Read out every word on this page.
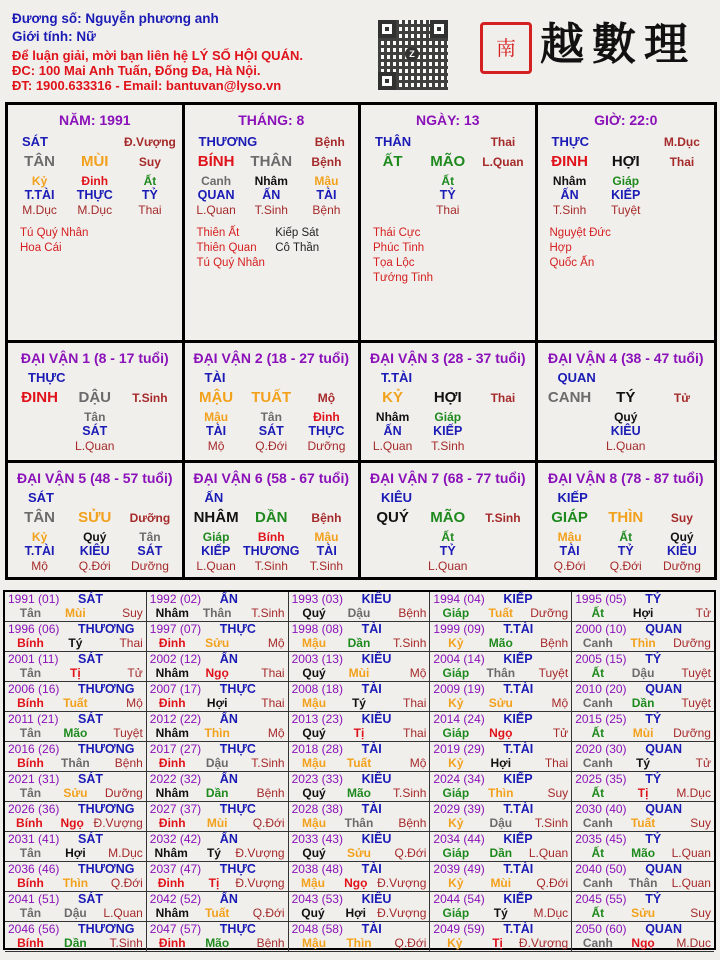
Đương số: Nguyễn phương anh
Giới tính: Nữ
Để luận giải, mời bạn liên hệ LÝ SỐ HỘI QUÁN.
ĐC: 100 Mai Anh Tuấn, Đống Đa, Hà Nội.
ĐT: 1900.633316 - Email: bantuvan@lyso.vn
Z	南 越數理
NĂM: 1991
SÁT	Đ.Vượng
TÂN	MÙI	Suy
Kỷ	Đinh	Ất
T.TÀI	THỰC	TỶ
M.Dục	M.Dục	Thai
Tú Quý Nhân
Hoa Cái
THÁNG: 8
THƯƠNG	Bệnh
BÍNH	THÂN	Bệnh
Canh	Nhâm	Mậu
QUAN	ẤN	TÀI
L.Quan	T.Sinh	Bệnh
Thiên Ất	Kiếp Sát
Thiên Quan	Cô Thần
Tú Quý Nhân
NGÀY: 13
THÂN	Thai
ẤT	MÃO	L.Quan
Ất
TỶ
Thai
Thái Cực
Phúc Tinh
Tọa Lộc
Tướng Tinh
GIỜ: 22:0
THỰC	M.Dục
ĐINH	HỢI	Thai
Nhâm	Giáp
ẤN	KIẾP
T.Sinh	Tuyệt
Nguyệt Đức Hợp
Quốc Ấn
ĐẠI VẬN 1 (8 - 17 tuổi)
THỰC
ĐINH	DẬU	T.Sinh
Tân
SÁT
L.Quan
ĐẠI VẬN 2 (18 - 27 tuổi)
TÀI
MẬU	TUẤT	Mộ
Mậu	Tân	Đinh
TÀI	SÁT	THỰC
Mộ	Q.Đới	Dưỡng
ĐẠI VẬN 3 (28 - 37 tuổi)
T.TÀI
KỶ	HỢI	Thai
Nhâm	Giáp
ẤN	KIẾP
L.Quan	T.Sinh
ĐẠI VẬN 4 (38 - 47 tuổi)
QUAN
CANH	TÝ	Tử
Quý
KIÊU
L.Quan
ĐẠI VẬN 5 (48 - 57 tuổi)
SÁT
TÂN	SỬU	Dưỡng
Kỷ	Quý	Tân
T.TÀI	KIÊU	SÁT
Mộ	Q.Đới	Dưỡng
ĐẠI VẬN 6 (58 - 67 tuổi)
ẤN
NHÂM	DẦN	Bệnh
Giáp	Bính	Mậu
KIẾP	THƯƠNG	TÀI
L.Quan	T.Sinh	T.Sinh
ĐẠI VẬN 7 (68 - 77 tuổi)
KIÊU
QUÝ	MÃO	T.Sinh
Ất
TỶ
L.Quan
ĐẠI VẬN 8 (78 - 87 tuổi)
KIẾP
GIÁP	THÌN	Suy
Mậu	Ất	Quý
TÀI	TỶ	KIÊU
Q.Đới	Q.Đới	Dưỡng
1991 (01)	SÁT
Tân	Mùi	Suy
1992 (02)	ẤN
Nhâm	Thân	T.Sinh
1993 (03)	KIÊU
Quý	Dậu	Bệnh
1994 (04)	KIẾP
Giáp	Tuất	Dưỡng
1995 (05)	TỶ
Ất	Hợi	Tử
1996 (06)	THƯƠNG
Bính	Tý	Thai
1997 (07)	THỰC
Đinh	Sửu	Mộ
1998 (08)	TÀI
Mậu	Dần	T.Sinh
1999 (09)	T.TÀI
Kỷ	Mão	Bệnh
2000 (10)	QUAN
Canh	Thìn	Dưỡng
2001 (11)	SÁT
Tân	Tị	Tử
2002 (12)	ẤN
Nhâm	Ngọ	Thai
2003 (13)	KIÊU
Quý	Mùi	Mộ
2004 (14)	KIẾP
Giáp	Thân	Tuyệt
2005 (15)	TỶ
Ất	Dậu	Tuyệt
2006 (16)	THƯƠNG
Bính	Tuất	Mộ
2007 (17)	THỰC
Đinh	Hợi	Thai
2008 (18)	TÀI
Mậu	Tý	Thai
2009 (19)	T.TÀI
Kỷ	Sửu	Mộ
2010 (20)	QUAN
Canh	Dần	Tuyệt
2011 (21)	SÁT
Tân	Mão	Tuyệt
2012 (22)	ẤN
Nhâm	Thìn	Mộ
2013 (23)	KIÊU
Quý	Tị	Thai
2014 (24)	KIẾP
Giáp	Ngọ	Tử
2015 (25)	TỶ
Ất	Mùi	Dưỡng
2016 (26)	THƯƠNG
Bính	Thân	Bệnh
2017 (27)	THỰC
Đinh	Dậu	T.Sinh
2018 (28)	TÀI
Mậu	Tuất	Mộ
2019 (29)	T.TÀI
Kỷ	Hợi	Thai
2020 (30)	QUAN
Canh	Tý	Tử
2021 (31)	SÁT
Tân	Sửu	Dưỡng
2022 (32)	ẤN
Nhâm	Dần	Bệnh
2023 (33)	KIÊU
Quý	Mão	T.Sinh
2024 (34)	KIẾP
Giáp	Thìn	Suy
2025 (35)	TỶ
Ất	Tị	M.Dục
2026 (36)	THƯƠNG
Bính	Ngọ Đ.Vượng
2027 (37)	THỰC
Đinh	Mùi	Q.Đới
2028 (38)	TÀI
Mậu	Thân	Bệnh
2029 (39)	T.TÀI
Kỷ	Dậu	T.Sinh
2030 (40)	QUAN
Canh	Tuất	Suy
2031 (41)	SÁT
Tân	Hợi	M.Dục
2032 (42)	ẤN
Nhâm	Tý	Đ.Vượng
2033 (43)	KIÊU
Quý	Sửu	Q.Đới
2034 (44)	KIẾP
Giáp	Dần	L.Quan
2035 (45)	TỶ
Ất	Mão	L.Quan
2036 (46)	THƯƠNG
Bính	Thìn	Q.Đới
2037 (47)	THỰC
Đinh	Tị	Đ.Vượng
2038 (48)	TÀI
Mậu	Ngọ Đ.Vượng
2039 (49)	T.TÀI
Kỷ	Mùi	Q.Đới
2040 (50)	QUAN
Canh	Thân	L.Quan
2041 (51)	SÁT
Tân	Dậu	L.Quan
2042 (52)	ẤN
Nhâm	Tuất	Q.Đới
2043 (53)	KIÊU
Quý	Hợi Đ.Vượng
2044 (54)	KIẾP
Giáp	Tý	M.Dục
2045 (55)	TỶ
Ất	Sửu	Suy
2046 (56)	THƯƠNG
Bính	Dần	T.Sinh
2047 (57)	THỰC
Đinh	Mão	Bệnh
2048 (58)	TÀI
Mậu	Thìn	Q.Đới
2049 (59)	T.TÀI
Kỷ	Tị	Đ.Vượng
2050 (60)	QUAN
Canh	Ngọ	M.Dục
